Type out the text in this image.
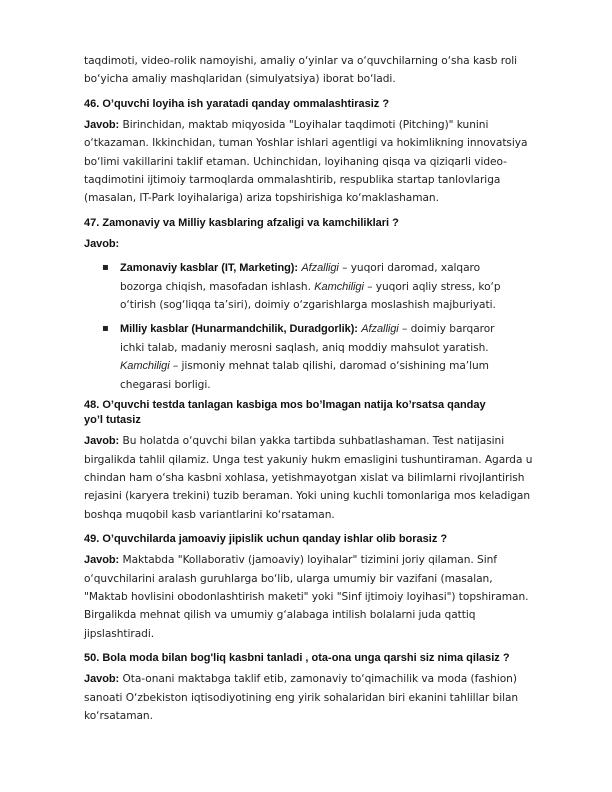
taqdimoti, video-rolik namoyishi, amaliy o‘yinlar va o‘quvchilarning o‘sha kasb roli
bo‘yicha amaliy mashqlaridan (simulyatsiya) iborat bo‘ladi.

46. O’quvchi loyiha ish yaratadi qanday ommalashtirasiz ?

Javob: Birinchidan, maktab miqyosida "Loyihalar taqdimoti (Pitching)" kunini
o‘tkazaman. Ikkinchidan, tuman Yoshlar ishlari agentligi va hokimlikning innovatsiya
bo‘limi vakillarini taklif etaman. Uchinchidan, loyihaning qisqa va qiziqarli video-
taqdimotini ijtimoiy tarmoqlarda ommalashtirib, respublika startap tanlovlariga
(masalan, IT-Park loyihalariga) ariza topshirishiga ko‘maklashaman.

47. Zamonaviy va Milliy kasblaring afzaligi va kamchiliklari ?

Javob:

▪ Zamonaviy kasblar (IT, Marketing): Afzalligi – yuqori daromad, xalqaro
bozorga chiqish, masofadan ishlash. Kamchiligi – yuqori aqliy stress, ko‘p
o‘tirish (sog‘liqqa ta’siri), doimiy o‘zgarishlarga moslashish majburiyati.

▪ Milliy kasblar (Hunarmandchilik, Duradgorlik): Afzalligi – doimiy barqaror
ichki talab, madaniy merosni saqlash, aniq moddiy mahsulot yaratish.
Kamchiligi – jismoniy mehnat talab qilishi, daromad o‘sishining ma’lum
chegarasi borligi.

48. O’quvchi testda tanlagan kasbiga mos bo’lmagan natija ko’rsatsa qanday
yo’l tutasiz

Javob: Bu holatda o‘quvchi bilan yakka tartibda suhbatlashaman. Test natijasini
birgalikda tahlil qilamiz. Unga test yakuniy hukm emasligini tushuntiraman. Agarda u
chindan ham o‘sha kasbni xohlasa, yetishmayotgan xislat va bilimlarni rivojlantirish
rejasini (karyera trekini) tuzib beraman. Yoki uning kuchli tomonlariga mos keladigan
boshqa muqobil kasb variantlarini ko‘rsataman.

49. O’quvchilarda jamoaviy jipislik uchun qanday ishlar olib borasiz ?

Javob: Maktabda "Kollaborativ (jamoaviy) loyihalar" tizimini joriy qilaman. Sinf
o‘quvchilarini aralash guruhlarga bo‘lib, ularga umumiy bir vazifani (masalan,
"Maktab hovlisini obodonlashtirish maketi" yoki "Sinf ijtimoiy loyihasi") topshiraman.
Birgalikda mehnat qilish va umumiy g‘alabaga intilish bolalarni juda qattiq
jipslashtiradi.

50. Bola moda bilan bog'liq kasbni tanladi , ota-ona unga qarshi siz nima qilasiz ?

Javob: Ota-onani maktabga taklif etib, zamonaviy to‘qimachilik va moda (fashion)
sanoati O‘zbekiston iqtisodiyotining eng yirik sohalaridan biri ekanini tahlillar bilan
ko‘rsataman.
